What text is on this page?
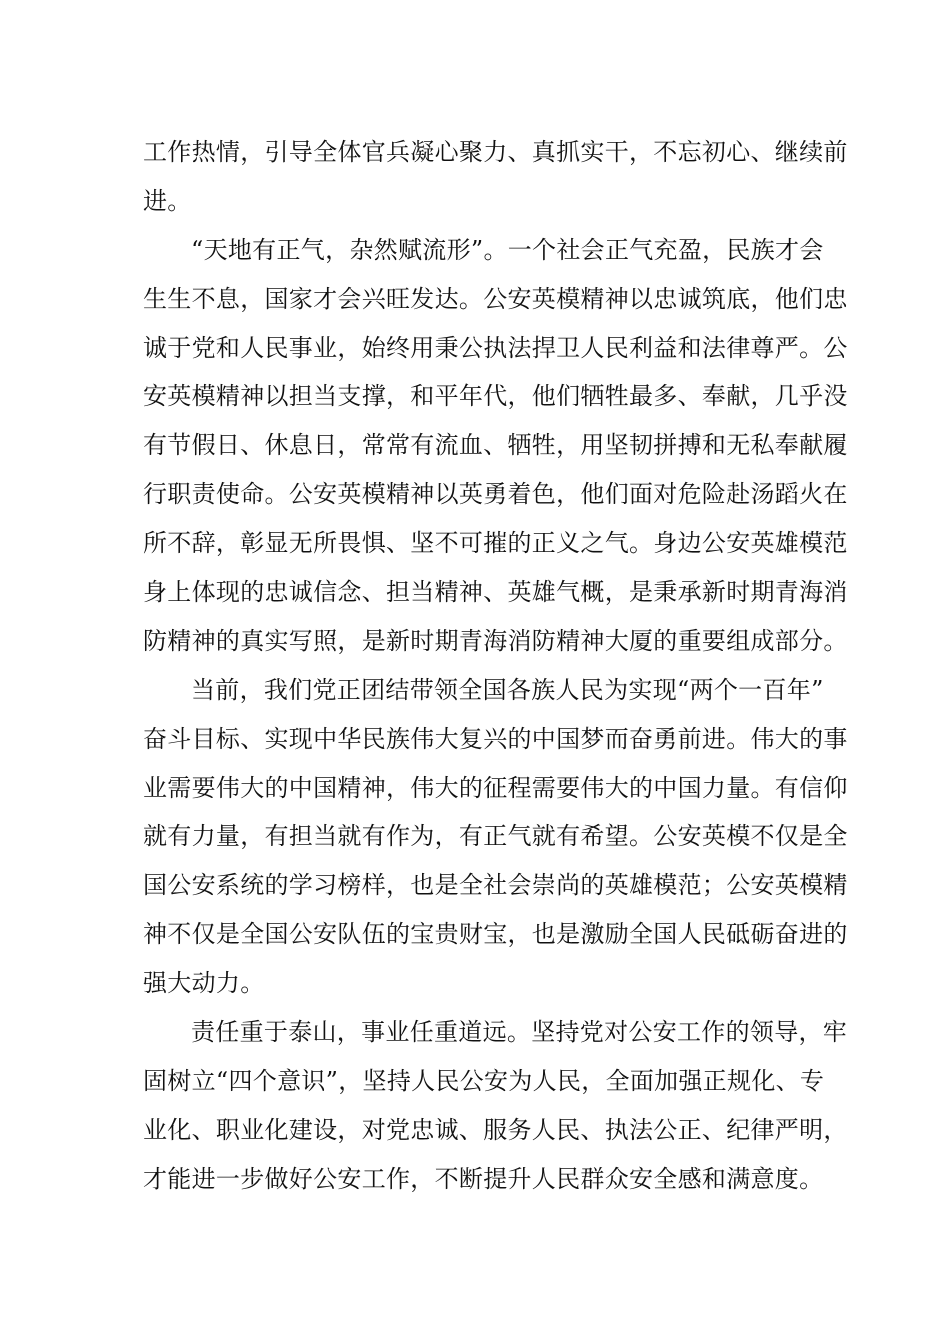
工作热情，引导全体官兵凝心聚力、真抓实干，不忘初心、继续前
进。
“天地有正气，杂然赋流形”。一个社会正气充盈，民族才会
生生不息，国家才会兴旺发达。公安英模精神以忠诚筑底，他们忠
诚于党和人民事业，始终用秉公执法捍卫人民利益和法律尊严。公
安英模精神以担当支撑，和平年代，他们牺牲最多、奉献，几乎没
有节假日、休息日，常常有流血、牺牲，用坚韧拼搏和无私奉献履
行职责使命。公安英模精神以英勇着色，他们面对危险赴汤蹈火在
所不辞，彰显无所畏惧、坚不可摧的正义之气。身边公安英雄模范
身上体现的忠诚信念、担当精神、英雄气概，是秉承新时期青海消
防精神的真实写照，是新时期青海消防精神大厦的重要组成部分。
当前，我们党正团结带领全国各族人民为实现“两个一百年”
奋斗目标、实现中华民族伟大复兴的中国梦而奋勇前进。伟大的事
业需要伟大的中国精神，伟大的征程需要伟大的中国力量。有信仰
就有力量，有担当就有作为，有正气就有希望。公安英模不仅是全
国公安系统的学习榜样，也是全社会崇尚的英雄模范；公安英模精
神不仅是全国公安队伍的宝贵财宝，也是激励全国人民砥砺奋进的
强大动力。
责任重于泰山，事业任重道远。坚持党对公安工作的领导，牢
固树立“四个意识”，坚持人民公安为人民，全面加强正规化、专
业化、职业化建设，对党忠诚、服务人民、执法公正、纪律严明，
才能进一步做好公安工作，不断提升人民群众安全感和满意度。
